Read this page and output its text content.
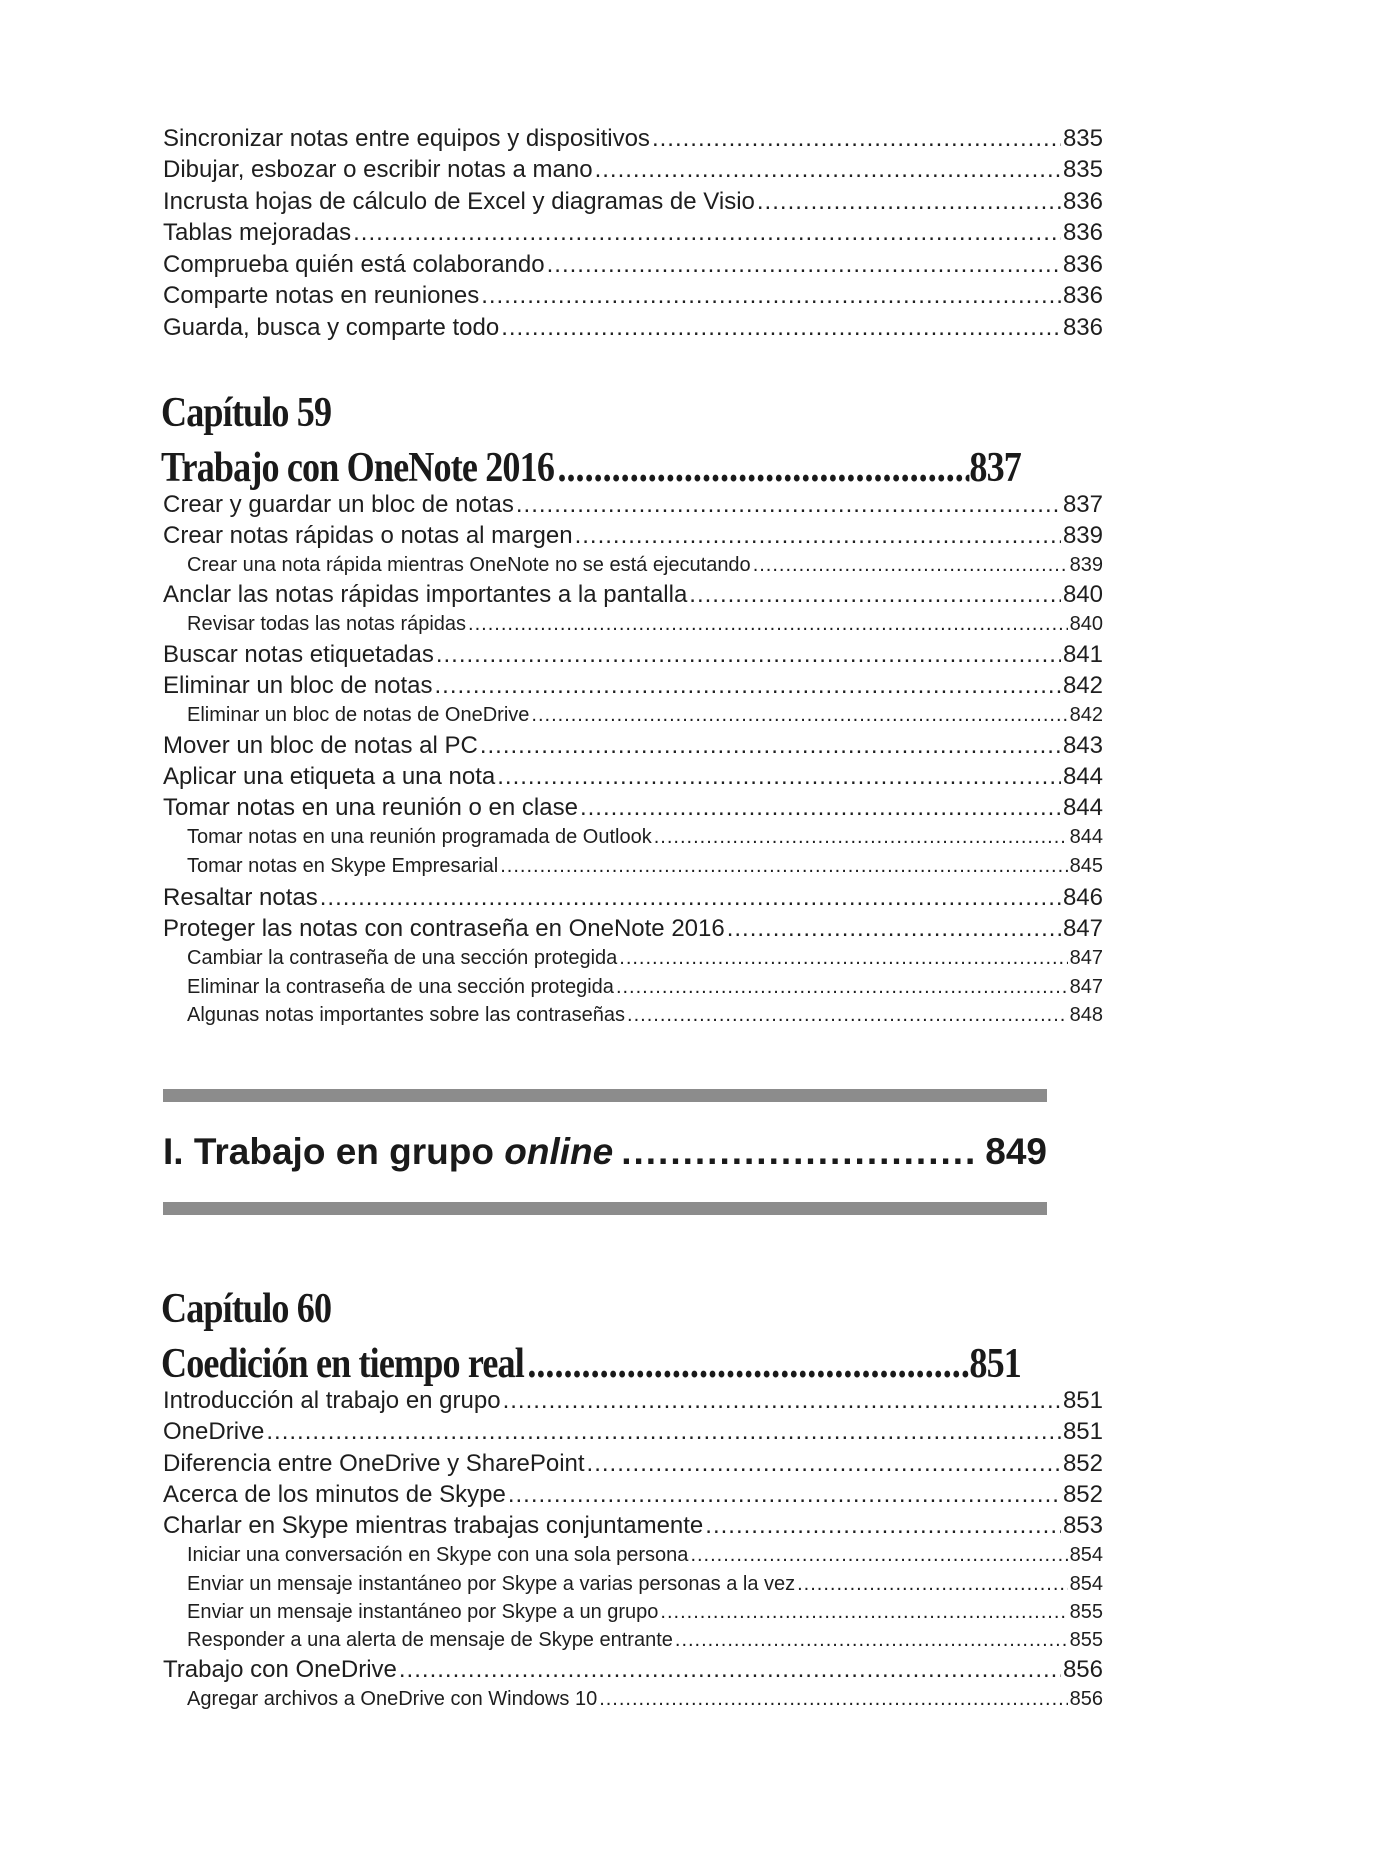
Sincronizar notas entre equipos y dispositivos .....	835
Dibujar, esbozar o escribir notas a mano .....	835
Incrusta hojas de cálculo de Excel y diagramas de Visio .....	836
Tablas mejoradas .....	836
Comprueba quién está colaborando .....	836
Comparte notas en reuniones .....	836
Guarda, busca y comparte todo .....	836
Capítulo 59
Trabajo con OneNote 2016 .....	837
Crear y guardar un bloc de notas .....	837
Crear notas rápidas o notas al margen .....	839
Crear una nota rápida mientras OneNote no se está ejecutando .....	839
Anclar las notas rápidas importantes a la pantalla .....	840
Revisar todas las notas rápidas .....	840
Buscar notas etiquetadas .....	841
Eliminar un bloc de notas .....	842
Eliminar un bloc de notas de OneDrive .....	842
Mover un bloc de notas al PC .....	843
Aplicar una etiqueta a una nota .....	844
Tomar notas en una reunión o en clase .....	844
Tomar notas en una reunión programada de Outlook .....	844
Tomar notas en Skype Empresarial .....	845
Resaltar notas .....	846
Proteger las notas con contraseña en OneNote 2016 .....	847
Cambiar la contraseña de una sección protegida .....	847
Eliminar la contraseña de una sección protegida .....	847
Algunas notas importantes sobre las contraseñas .....	848
I. Trabajo en grupo online .....	849
Capítulo 60
Coedición en tiempo real .....	851
Introducción al trabajo en grupo .....	851
OneDrive .....	851
Diferencia entre OneDrive y SharePoint .....	852
Acerca de los minutos de Skype .....	852
Charlar en Skype mientras trabajas conjuntamente .....	853
Iniciar una conversación en Skype con una sola persona .....	854
Enviar un mensaje instantáneo por Skype a varias personas a la vez .....	854
Enviar un mensaje instantáneo por Skype a un grupo .....	855
Responder a una alerta de mensaje de Skype entrante .....	855
Trabajo con OneDrive .....	856
Agregar archivos a OneDrive con Windows 10 .....	856
